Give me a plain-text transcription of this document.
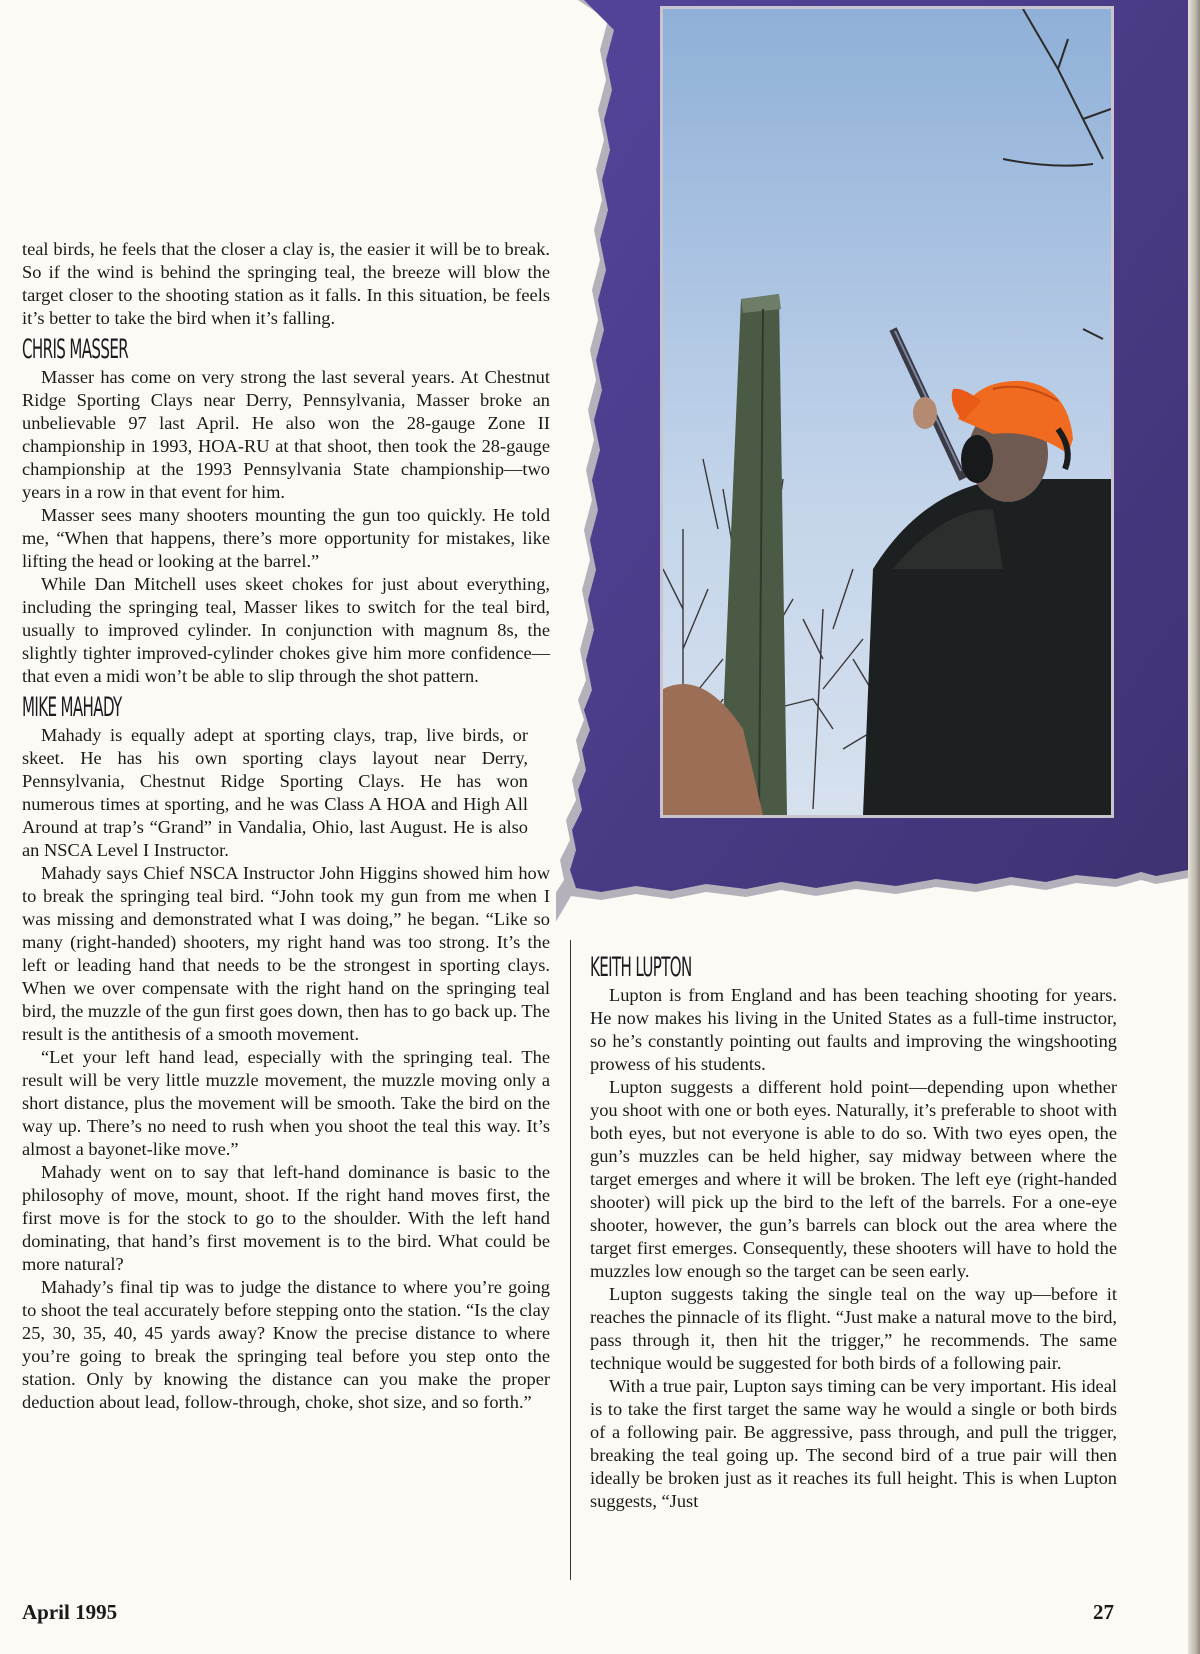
teal birds, he feels that the closer a clay is, the easier it will be to break. So if the wind is behind the springing teal, the breeze will blow the target closer to the shooting station as it falls. In this situation, be feels it’s better to take the bird when it’s falling.

CHRIS MASSER

Masser has come on very strong the last several years. At Chestnut Ridge Sporting Clays near Derry, Pennsylvania, Masser broke an unbelievable 97 last April. He also won the 28-gauge Zone II championship in 1993, HOA-RU at that shoot, then took the 28-gauge championship at the 1993 Pennsylvania State championship—two years in a row in that event for him.

Masser sees many shooters mounting the gun too quickly. He told me, “When that happens, there’s more opportunity for mistakes, like lifting the head or looking at the barrel.”

While Dan Mitchell uses skeet chokes for just about everything, including the springing teal, Masser likes to switch for the teal bird, usually to improved cylinder. In conjunction with magnum 8s, the slightly tighter improved-cylinder chokes give him more confidence—that even a midi won’t be able to slip through the shot pattern.

MIKE MAHADY

Mahady is equally adept at sporting clays, trap, live birds, or skeet. He has his own sporting clays layout near Derry, Pennsylvania, Chestnut Ridge Sporting Clays. He has won numerous times at sporting, and he was Class A HOA and High All Around at trap’s “Grand” in Vandalia, Ohio, last August. He is also an NSCA Level I Instructor.

Mahady says Chief NSCA Instructor John Higgins showed him how to break the springing teal bird. “John took my gun from me when I was missing and demonstrated what I was doing,” he began. “Like so many (right-handed) shooters, my right hand was too strong. It’s the left or leading hand that needs to be the strongest in sporting clays. When we over compensate with the right hand on the springing teal bird, the muzzle of the gun first goes down, then has to go back up. The result is the antithesis of a smooth movement.

“Let your left hand lead, especially with the springing teal. The result will be very little muzzle movement, the muzzle moving only a short distance, plus the movement will be smooth. Take the bird on the way up. There’s no need to rush when you shoot the teal this way. It’s almost a bayonet-like move.”

Mahady went on to say that left-hand dominance is basic to the philosophy of move, mount, shoot. If the right hand moves first, the first move is for the stock to go to the shoulder. With the left hand dominating, that hand’s first movement is to the bird. What could be more natural?

Mahady’s final tip was to judge the distance to where you’re going to shoot the teal accurately before stepping onto the station. “Is the clay 25, 30, 35, 40, 45 yards away? Know the precise distance to where you’re going to break the springing teal before you step onto the station. Only by knowing the distance can you make the proper deduction about lead, follow-through, choke, shot size, and so forth.”

KEITH LUPTON

Lupton is from England and has been teaching shooting for years. He now makes his living in the United States as a full-time instructor, so he’s constantly pointing out faults and improving the wingshooting prowess of his students.

Lupton suggests a different hold point—depending upon whether you shoot with one or both eyes. Naturally, it’s preferable to shoot with both eyes, but not everyone is able to do so. With two eyes open, the gun’s muzzles can be held higher, say midway between where the target emerges and where it will be broken. The left eye (right-handed shooter) will pick up the bird to the left of the barrels. For a one-eye shooter, however, the gun’s barrels can block out the area where the target first emerges. Consequently, these shooters will have to hold the muzzles low enough so the target can be seen early.

Lupton suggests taking the single teal on the way up—before it reaches the pinnacle of its flight. “Just make a natural move to the bird, pass through it, then hit the trigger,” he recommends. The same technique would be suggested for both birds of a following pair.

With a true pair, Lupton says timing can be very important. His ideal is to take the first target the same way he would a single or both birds of a following pair. Be aggressive, pass through, and pull the trigger, breaking the teal going up. The second bird of a true pair will then ideally be broken just as it reaches its full height. This is when Lupton suggests, “Just

April 1995	27
